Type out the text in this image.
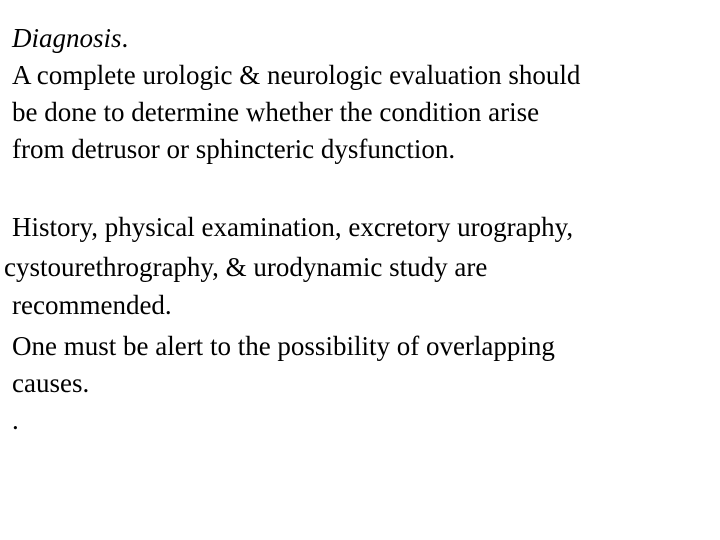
Diagnosis.
A complete urologic & neurologic evaluation should
be done to determine whether the condition arise
from detrusor or sphincteric dysfunction.
History, physical examination, excretory urography,
cystourethrography, & urodynamic study are
recommended.
One must be alert to the possibility of overlapping
causes.
.
